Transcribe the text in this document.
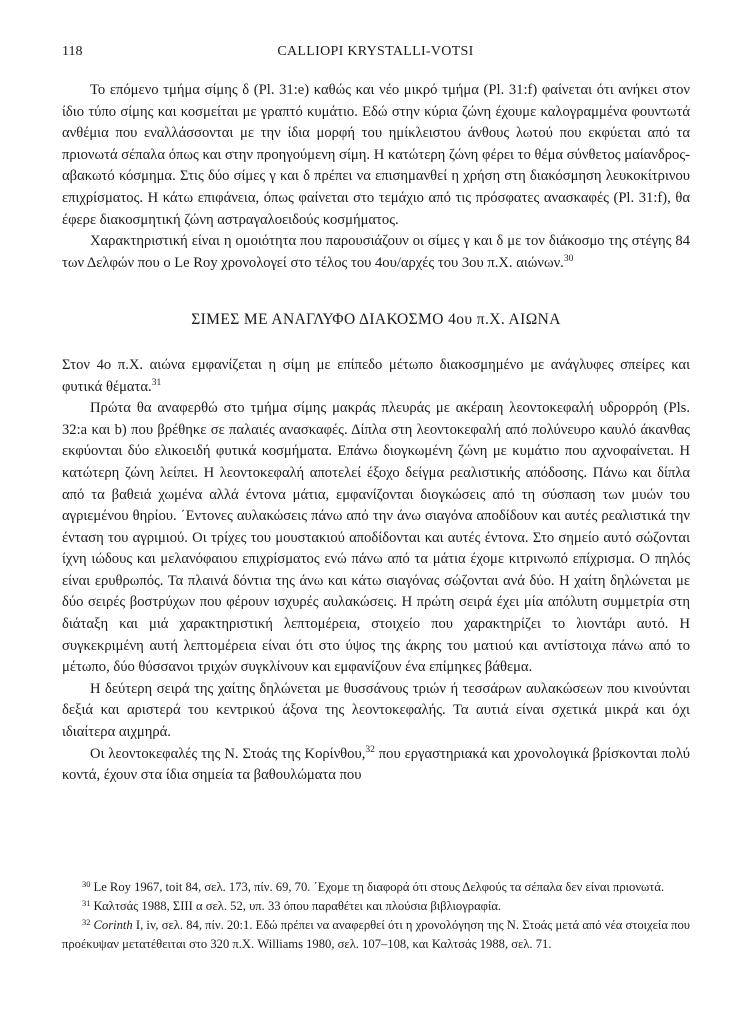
118	CALLIOPI KRYSTALLI-VOTSI

Το επόμενο τμήμα σίμης δ (Pl. 31:e) καθώς και νέο μικρό τμήμα (Pl. 31:f) φαίνεται ότι ανήκει στον ίδιο τύπο σίμης και κοσμείται με γραπτό κυμάτιο. Εδώ στην κύρια ζώνη έχουμε καλογραμμένα φουντωτά ανθέμια που εναλλάσσονται με την ίδια μορφή του ημίκλειστου άνθους λωτού που εκφύεται από τα πριονωτά σέπαλα όπως και στην προηγούμενη σίμη. Η κατώτερη ζώνη φέρει το θέμα σύνθετος μαίανδρος-αβακωτό κόσμημα. Στις δύο σίμες γ και δ πρέπει να επισημανθεί η χρήση στη διακόσμηση λευκοκίτρινου επιχρίσματος. Η κάτω επιφάνεια, όπως φαίνεται στο τεμάχιο από τις πρόσφατες ανασκαφές (Pl. 31:f), θα έφερε διακοσμητική ζώνη αστραγαλοειδούς κοσμήματος.

Χαρακτηριστική είναι η ομοιότητα που παρουσιάζουν οι σίμες γ και δ με τον διάκοσμο της στέγης 84 των Δελφών που ο Le Roy χρονολογεί στο τέλος του 4ου/αρχές του 3ου π.Χ. αιώνων.$^{30}$

ΣΙΜΕΣ ΜΕ ΑΝΑΓΛΥΦΟ ΔΙΑΚΟΣΜΟ 4ου π.Χ. ΑΙΩΝΑ

Στον 4ο π.Χ. αιώνα εμφανίζεται η σίμη με επίπεδο μέτωπο διακοσμημένο με ανάγλυφες σπείρες και φυτικά θέματα.$^{31}$

Πρώτα θα αναφερθώ στο τμήμα σίμης μακράς πλευράς με ακέραιη λεοντοκεφαλή υδρορρόη (Pls. 32:a και b) που βρέθηκε σε παλαιές ανασκαφές. Δίπλα στη λεοντοκεφαλή από πολύνευρο καυλό άκανθας εκφύονται δύο ελικοειδή φυτικά κοσμήματα. Επάνω διογκωμένη ζώνη με κυμάτιο που αχνοφαίνεται. Η κατώτερη ζώνη λείπει. Η λεοντοκεφαλή αποτελεί έξοχο δείγμα ρεαλιστικής απόδοσης. Πάνω και δίπλα από τα βαθειά χωμένα αλλά έντονα μάτια, εμφανίζονται διογκώσεις από τη σύσπαση των μυών του αγριεμένου θηρίου. ΄Εντονες αυλακώσεις πάνω από την άνω σιαγόνα αποδίδουν και αυτές ρεαλιστικά την ένταση του αγριμιού. Οι τρίχες του μουστακιού αποδίδονται και αυτές έντονα. Στο σημείο αυτό σώζονται ίχνη ιώδους και μελανόφαιου επιχρίσματος ενώ πάνω από τα μάτια έχομε κιτρινωπό επίχρισμα. Ο πηλός είναι ερυθρωπός. Τα πλαινά δόντια της άνω και κάτω σιαγόνας σώζονται ανά δύο. Η χαίτη δηλώνεται με δύο σειρές βοστρύχων που φέρουν ισχυρές αυλακώσεις. Η πρώτη σειρά έχει μία απόλυτη συμμετρία στη διάταξη και μιά χαρακτηριστική λεπτομέρεια, στοιχείο που χαρακτηρίζει το λιοντάρι αυτό. Η συγκεκριμένη αυτή λεπτομέρεια είναι ότι στο ύψος της άκρης του ματιού και αντίστοιχα πάνω από το μέτωπο, δύο θύσσανοι τριχών συγκλίνουν και εμφανίζουν ένα επίμηκες βάθεμα.

Η δεύτερη σειρά της χαίτης δηλώνεται με θυσσάνους τριών ή τεσσάρων αυλακώσεων που κινούνται δεξιά και αριστερά του κεντρικού άξονα της λεοντοκεφαλής. Τα αυτιά είναι σχετικά μικρά και όχι ιδιαίτερα αιχμηρά.

Οι λεοντοκεφαλές της Ν. Στοάς της Κορίνθου,$^{32}$ που εργαστηριακά και χρονολογικά βρίσκονται πολύ κοντά, έχουν στα ίδια σημεία τα βαθουλώματα που

$^{30}$ Le Roy 1967, toit 84, σελ. 173, πίν. 69, 70. ΄Εχομε τη διαφορά ότι στους Δελφούς τα σέπαλα δεν είναι πριονωτά.

$^{31}$ Καλτσάς 1988, ΣΙΙΙ α σελ. 52, υπ. 33 όπου παραθέτει και πλούσια βιβλιογραφία.

$^{32}$ Corinth I, iv, σελ. 84, πίν. 20:1. Εδώ πρέπει να αναφερθεί ότι η χρονολόγηση της Ν. Στοάς μετά από νέα στοιχεία που προέκυψαν μετατέθειται στο 320 π.Χ. Williams 1980, σελ. 107–108, και Καλτσάς 1988, σελ. 71.
